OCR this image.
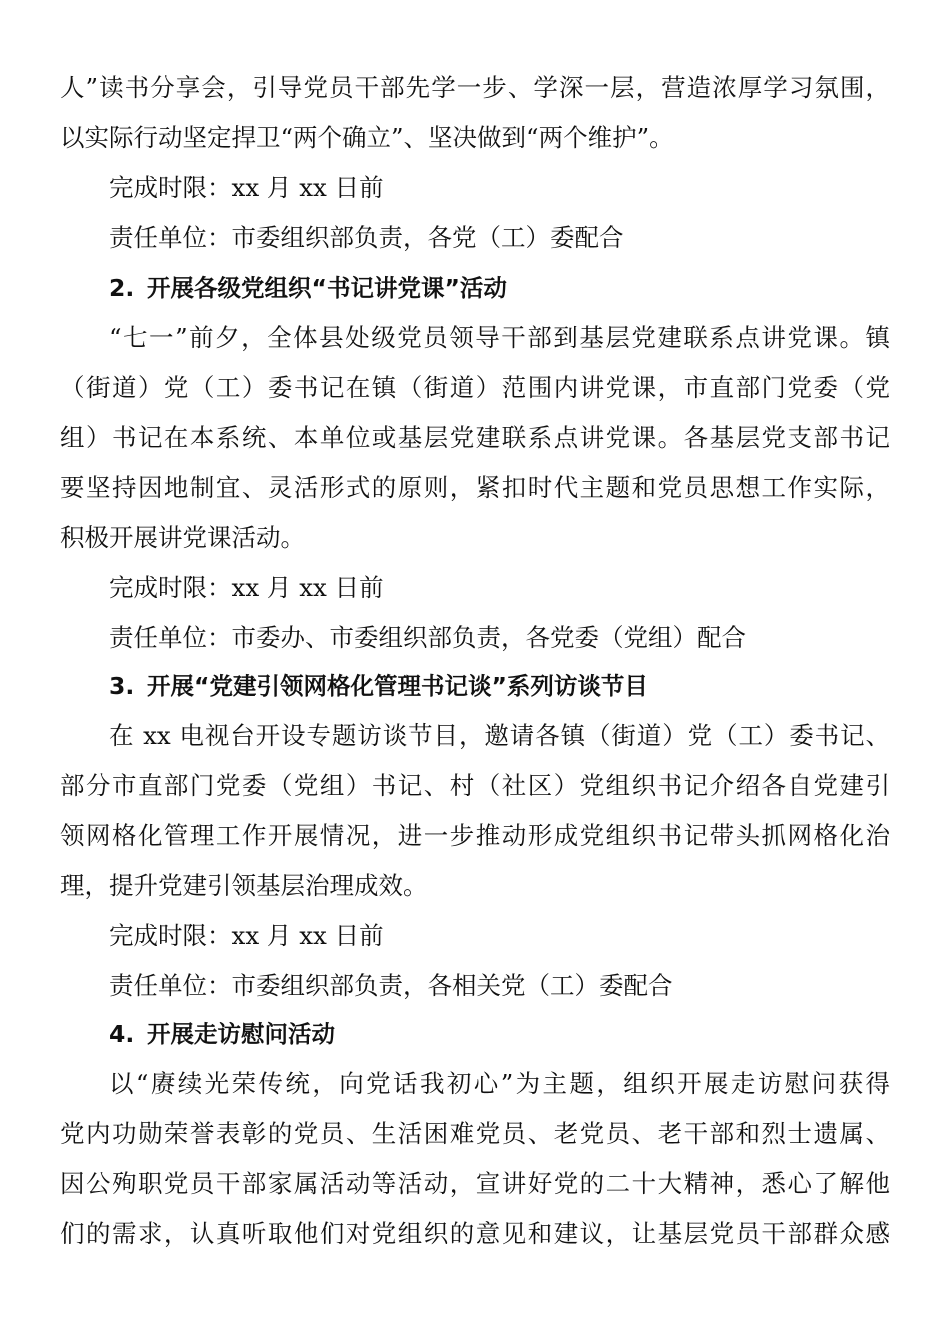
人”读书分享会，引导党员干部先学一步、学深一层，营造浓厚学习氛围，
以实际行动坚定捍卫“两个确立”、坚决做到“两个维护”。
完成时限：xx 月 xx 日前
责任单位：市委组织部负责，各党（工）委配合
2. 开展各级党组织“书记讲党课”活动
“七一”前夕，全体县处级党员领导干部到基层党建联系点讲党课。镇
（街道）党（工）委书记在镇（街道）范围内讲党课，市直部门党委（党
组）书记在本系统、本单位或基层党建联系点讲党课。各基层党支部书记
要坚持因地制宜、灵活形式的原则，紧扣时代主题和党员思想工作实际，
积极开展讲党课活动。
完成时限：xx 月 xx 日前
责任单位：市委办、市委组织部负责，各党委（党组）配合
3. 开展“党建引领网格化管理书记谈”系列访谈节目
在 xx 电视台开设专题访谈节目，邀请各镇（街道）党（工）委书记、
部分市直部门党委（党组）书记、村（社区）党组织书记介绍各自党建引
领网格化管理工作开展情况，进一步推动形成党组织书记带头抓网格化治
理，提升党建引领基层治理成效。
完成时限：xx 月 xx 日前
责任单位：市委组织部负责，各相关党（工）委配合
4. 开展走访慰问活动
以“赓续光荣传统，向党话我初心”为主题，组织开展走访慰问获得
党内功勋荣誉表彰的党员、生活困难党员、老党员、老干部和烈士遗属、
因公殉职党员干部家属活动等活动，宣讲好党的二十大精神，悉心了解他
们的需求，认真听取他们对党组织的意见和建议，让基层党员干部群众感
